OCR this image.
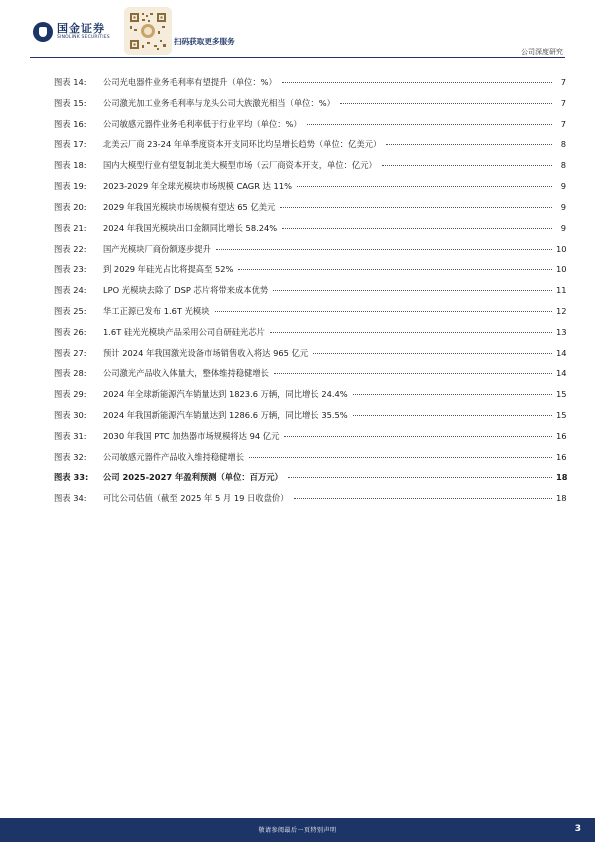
国金证券
SINOLINK SECURITIES	扫码获取更多服务
公司深度研究
图表 14:	公司光电器件业务毛利率有望提升（单位：%）	7
图表 15:	公司激光加工业务毛利率与龙头公司大族激光相当（单位：%）	7
图表 16:	公司敏感元器件业务毛利率低于行业平均（单位：%）	7
图表 17:	北美云厂商 23-24 年单季度资本开支同环比均呈增长趋势（单位：亿美元）	8
图表 18:	国内大模型行业有望复制北美大模型市场（云厂商资本开支，单位：亿元）	8
图表 19:	2023-2029 年全球光模块市场规模 CAGR 达 11%	9
图表 20:	2029 年我国光模块市场规模有望达 65 亿美元	9
图表 21:	2024 年我国光模块出口金额同比增长 58.24%	9
图表 22:	国产光模块厂商份额逐步提升	10
图表 23:	到 2029 年硅光占比将提高至 52%	10
图表 24:	LPO 光模块去除了 DSP 芯片将带来成本优势	11
图表 25:	华工正源已发布 1.6T 光模块	12
图表 26:	1.6T 硅光光模块产品采用公司自研硅光芯片	13
图表 27:	预计 2024 年我国激光设备市场销售收入将达 965 亿元	14
图表 28:	公司激光产品收入体量大，整体维持稳健增长	14
图表 29:	2024 年全球新能源汽车销量达到 1823.6 万辆，同比增长 24.4%	15
图表 30:	2024 年我国新能源汽车销量达到 1286.6 万辆，同比增长 35.5%	15
图表 31:	2030 年我国 PTC 加热器市场规模将达 94 亿元	16
图表 32:	公司敏感元器件产品收入维持稳健增长	16
图表 33:	公司 2025-2027 年盈利预测（单位：百万元）	18
图表 34:	可比公司估值（截至 2025 年 5 月 19 日收盘价）	18
敬请参阅最后一页特别声明	3
